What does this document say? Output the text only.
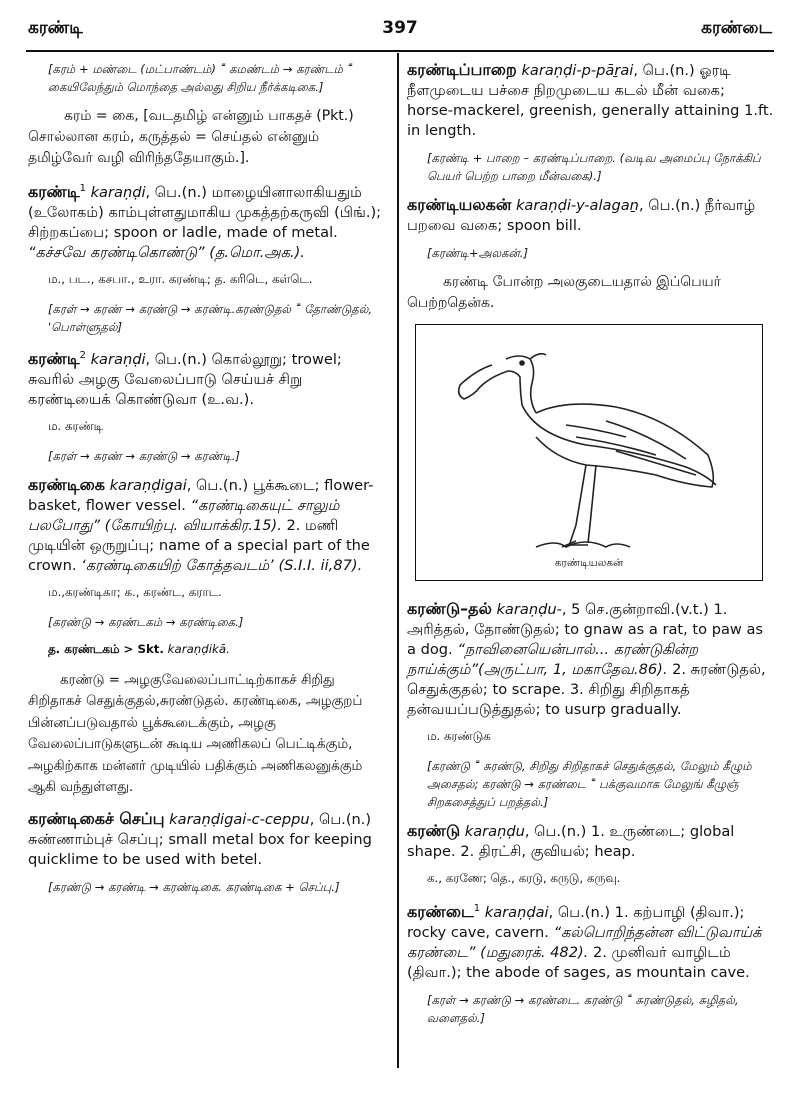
397
கரண்டி	கரண்டை
[கரம் + மண்டை (மட்பாண்டம்) ˭ கமண்டம் → கரண்டம் ˭ கையிலேந்தும் மொந்தை அல்லது சிறிய நீர்க்கடிகை.]
கரம் = கை, [வடதமிழ் என்னும் பாகதச் (Pkt.) சொல்லான கரம், கருத்தல் = செய்தல் என்னும் தமிழ்வேர் வழி விரிந்ததேயாகும்.].
கரண்டி$^1$ karaṇḍi, பெ.(n.) மாழையினாலாகியதும் (உலோகம்) காம்புள்ளதுமாகிய முகத்தற்கருவி (பிங்.); சிற்றகப்பை; spoon or ladle, made of metal. “கச்சவே கரண்டிகொண்டு” (த.மொ.அக.).
ம., பட., கசபா., உரா. கரண்டி; த. கரிடெ, கள்டெ.
[கரள் → கரண் → கரண்டு → கரண்டி.கரண்டுதல் ˭ தோண்டுதல், 'பொள்ளுதல்]
கரண்டி$^2$ karaṇḍi, பெ.(n.) கொல்லூறு; trowel; சுவரில் அழகு வேலைப்பாடு செய்யச் சிறு கரண்டியைக் கொண்டுவா (உ.வ.).
ம. கரண்டி
[கரள் → கரண் → கரண்டு → கரண்டி.]
கரண்டிகை karaṇḍigai, பெ.(n.) பூக்கூடை; flower-basket, flower vessel. “கரண்டிகையுட் சாலும் பலபோது” (கோயிற்பு. வியாக்கிர.15). 2. மணி முடியின் ஒருறுப்பு; name of a special part of the crown. ‘கரண்டிகையிற் கோத்தவடம்’ (S.I.I. ii,87).
ம.,கரண்டிகா; க., கரண்ட, கராட.
[கரண்டு → கரண்டகம் → கரண்டிகை.]
த. கரண்டகம் > Skt. karaṇḍikā.
கரண்டு = அழகுவேலைப்பாட்டிற்காகச் சிறிது சிறிதாகச் செதுக்குதல்,சுரண்டுதல். கரண்டிகை, அழகுறப் பின்னப்படுவதால் பூக்கூடைக்கும், அழகு வேலைப்பாடுகளுடன் கூடிய அணிகலப் பெட்டிக்கும், அழகிற்காக மன்னர் முடியில் பதிக்கும் அணிகலனுக்கும் ஆகி வந்துள்ளது.
கரண்டிகைச் செப்பு karaṇḍigai-c-ceppu, பெ.(n.) சுண்ணாம்புச் செப்பு; small metal box for keeping quicklime to be used with betel.
[கரண்டு → கரண்டி → கரண்டிகை. கரண்டிகை + செப்பு.]
கரண்டிப்பாறை karaṇḍi-p-pāṟai, பெ.(n.) ஓரடி நீளமுடைய பச்சை நிறமுடைய கடல் மீன் வகை; horse-mackerel, greenish, generally attaining 1.ft. in length.
[கரண்டி + பாறை – கரண்டிப்பாறை. (வடிவ அமைப்பு நோக்கிப் பெயர் பெற்ற பாறை மீன்வகை).]
கரண்டியலகன் karaṇḍi-y-alagaṉ, பெ.(n.) நீர்வாழ் பறவை வகை; spoon bill.
[கரண்டி+அலகன்.]
கரண்டி போன்ற அலகுடையதால் இப்பெயர் பெற்றதென்க.
கரண்டியலகன்
கரண்டு–தல் karaṇḍu-, 5 செ.குன்றாவி.(v.t.) 1. அரித்தல், தோண்டுதல்; to gnaw as a rat, to paw as a dog. “நாவினையென்பால்... கரண்டுகின்ற நாய்க்கும்”(அருட்பா, 1, மகாதேவ.86). 2. சுரண்டுதல், செதுக்குதல்; to scrape. 3. சிறிது சிறிதாகத் தன்வயப்படுத்துதல்; to usurp gradually.
ம. கரண்டுக
[கரண்டு ˭ சுரண்டு, சிறிது சிறிதாகச் செதுக்குதல், மேலும் கீழும் அசைதல்; கரண்டு → கரண்டை ˭ பக்குவமாக மேலுங் கீழுஞ் சிறகசைத்துப் பறத்தல்.]
கரண்டு karaṇḍu, பெ.(n.) 1. உருண்டை; global shape. 2. திரட்சி, குவியல்; heap.
க., கரணே; தெ., கரடு, கருடு, கருவு.
கரண்டை$^1$ karaṇḍai, பெ.(n.) 1. கற்பாழி (திவா.); rocky cave, cavern. “கல்பொறிந்தன்ன விட்டுவாய்க் கரண்டை” (மதுரைக். 482). 2. முனிவர் வாழிடம் (திவா.); the abode of sages, as mountain cave.
[கரள் → கரண்டு → கரண்டை. கரண்டு ˭ சுரண்டுதல், சுழிதல், வளைதல்.]
